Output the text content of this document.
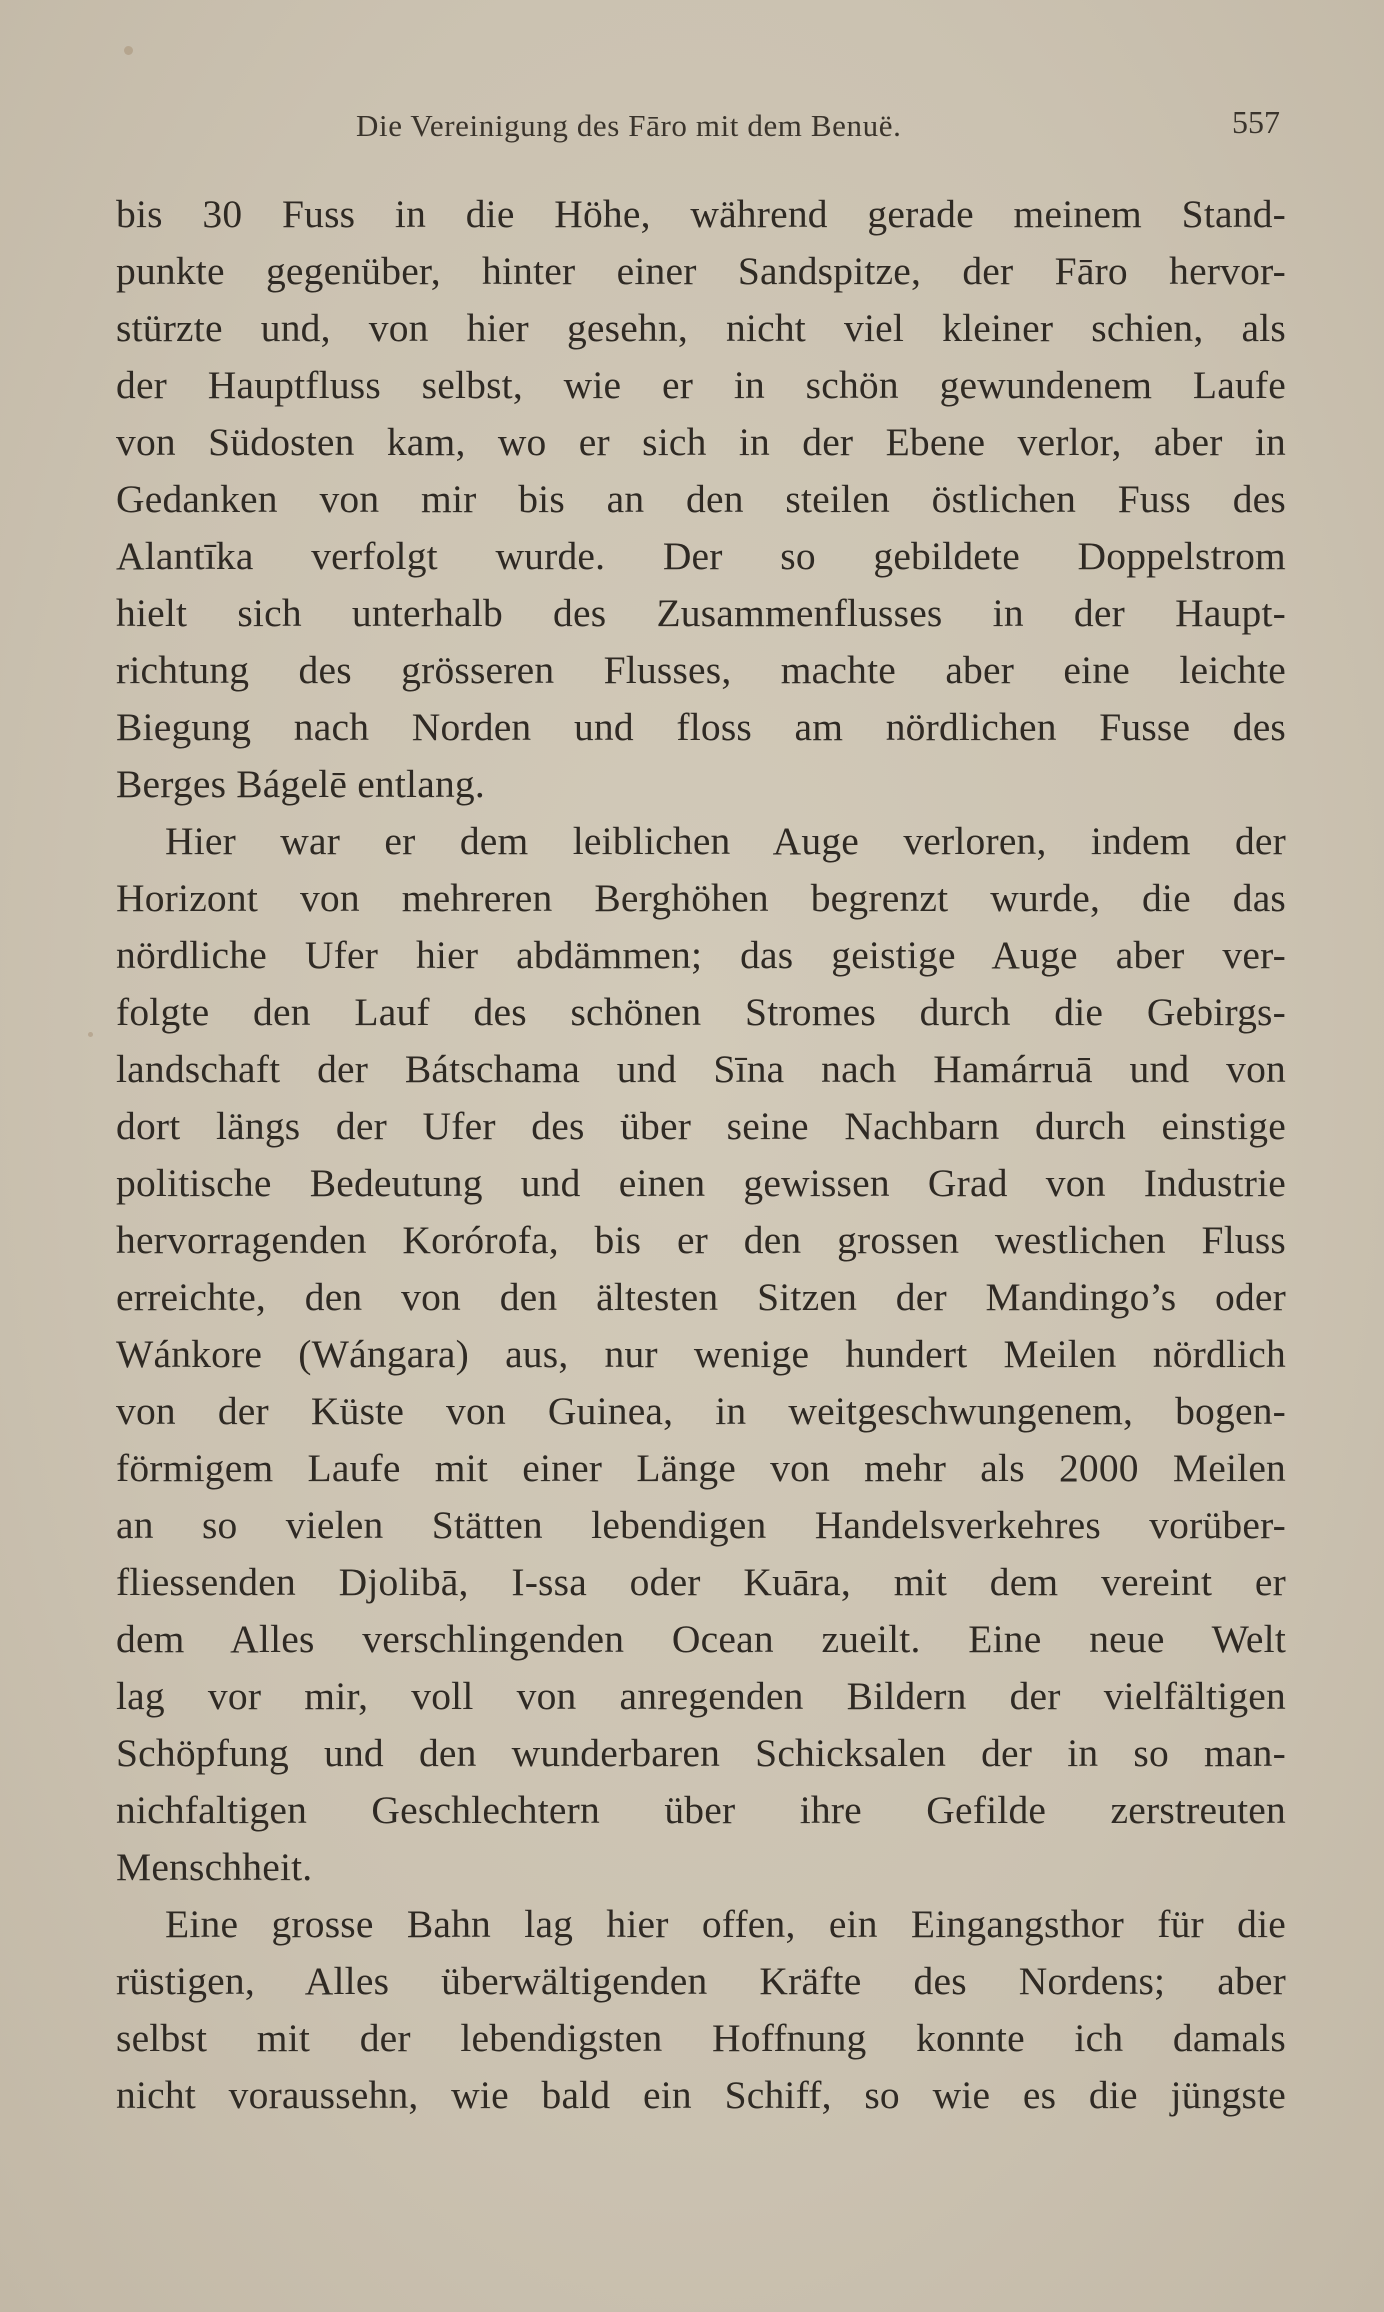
Die Vereinigung des Fāro mit dem Benuë.	557
bis 30 Fuss in die Höhe, während gerade meinem Stand-
punkte gegenüber, hinter einer Sandspitze, der Fāro hervor-
stürzte und, von hier gesehn, nicht viel kleiner schien, als
der Hauptfluss selbst, wie er in schön gewundenem Laufe
von Südosten kam, wo er sich in der Ebene verlor, aber in
Gedanken von mir bis an den steilen östlichen Fuss des
Alantīka verfolgt wurde. Der so gebildete Doppelstrom
hielt sich unterhalb des Zusammenflusses in der Haupt-
richtung des grösseren Flusses, machte aber eine leichte
Biegung nach Norden und floss am nördlichen Fusse des
Berges Bágelē entlang.
Hier war er dem leiblichen Auge verloren, indem der
Horizont von mehreren Berghöhen begrenzt wurde, die das
nördliche Ufer hier abdämmen; das geistige Auge aber ver-
folgte den Lauf des schönen Stromes durch die Gebirgs-
landschaft der Bátschama und Sīna nach Hamárruā und von
dort längs der Ufer des über seine Nachbarn durch einstige
politische Bedeutung und einen gewissen Grad von Industrie
hervorragenden Korórofa, bis er den grossen westlichen Fluss
erreichte, den von den ältesten Sitzen der Mandingo’s oder
Wánkore (Wángara) aus, nur wenige hundert Meilen nördlich
von der Küste von Guinea, in weitgeschwungenem, bogen-
förmigem Laufe mit einer Länge von mehr als 2000 Meilen
an so vielen Stätten lebendigen Handelsverkehres vorüber-
fliessenden Djolibā, I-ssa oder Kuāra, mit dem vereint er
dem Alles verschlingenden Ocean zueilt. Eine neue Welt
lag vor mir, voll von anregenden Bildern der vielfältigen
Schöpfung und den wunderbaren Schicksalen der in so man-
nichfaltigen Geschlechtern über ihre Gefilde zerstreuten
Menschheit.
Eine grosse Bahn lag hier offen, ein Eingangsthor für die
rüstigen, Alles überwältigenden Kräfte des Nordens; aber
selbst mit der lebendigsten Hoffnung konnte ich damals
nicht voraussehn, wie bald ein Schiff, so wie es die jüngste
